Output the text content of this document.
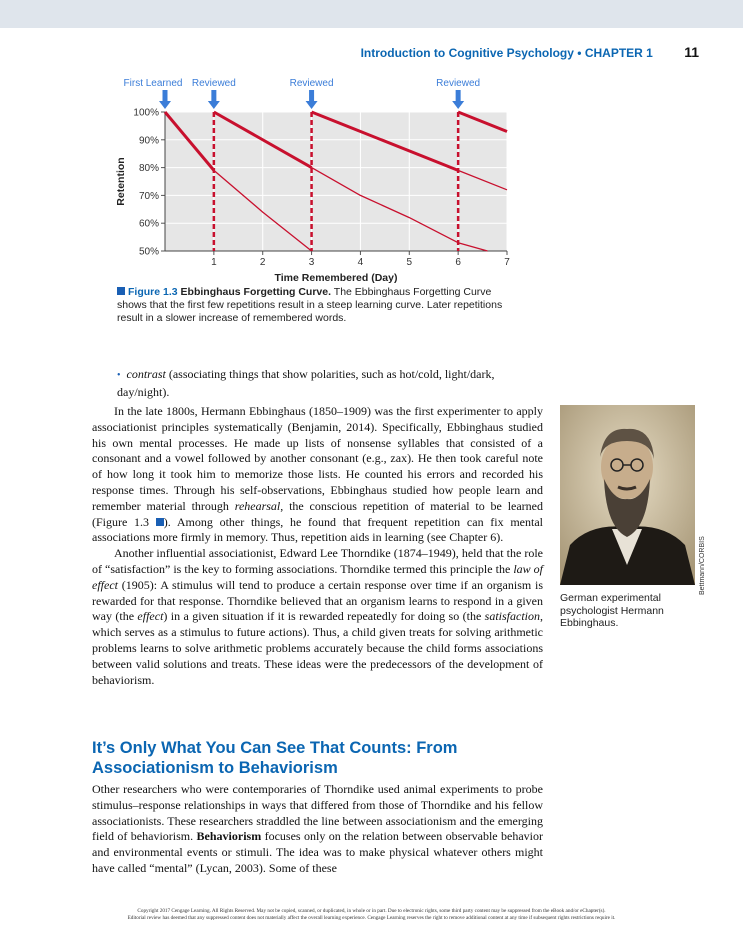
Introduction to Cognitive Psychology • CHAPTER 1 11
100%
90%
80%
70%
60%
50%
1	2	3	4	5	6	7
First Learned Reviewed	Reviewed	Reviewed
Retention
Time Remembered (Day)
Figure 1.3 Ebbinghaus Forgetting Curve. The Ebbinghaus Forgetting Curve shows that the first few repetitions result in a steep learning curve. Later repetitions result in a slower increase of remembered words.
• contrast (associating things that show polarities, such as hot/cold, light/dark, day/night).

In the late 1800s, Hermann Ebbinghaus (1850–1909) was the first experimenter to apply associationist principles systematically (Benjamin, 2014). Specifically, Ebbinghaus studied his own mental processes. He made up lists of nonsense syllables that consisted of a consonant and a vowel followed by another consonant (e.g., zax). He then took careful note of how long it took him to memorize those lists. He counted his errors and recorded his response times. Through his self-observations, Ebbinghaus studied how people learn and remember material through rehearsal, the conscious repetition of material to be learned (Figure 1.3 ). Among other things, he found that frequent repetition can fix mental associations more firmly in memory. Thus, repetition aids in learning (see Chapter 6).

Another influential associationist, Edward Lee Thorndike (1874–1949), held that the role of “satisfaction” is the key to forming associations. Thorndike termed this principle the law of effect (1905): A stimulus will tend to produce a certain response over time if an organism is rewarded for that response. Thorndike believed that an organism learns to respond in a given way (the effect) in a given situation if it is rewarded repeatedly for doing so (the satisfaction, which serves as a stimulus to future actions). Thus, a child given treats for solving arithmetic problems learns to solve arithmetic problems accurately because the child forms associations between valid solutions and treats. These ideas were the predecessors of the development of behaviorism.

Bettmann/CORBIS
German experimental psychologist Hermann Ebbinghaus.
It’s Only What You Can See That Counts: From Associationism to Behaviorism

Other researchers who were contemporaries of Thorndike used animal experiments to probe stimulus–response relationships in ways that differed from those of Thorndike and his fellow associationists. These researchers straddled the line between associationism and the emerging field of behaviorism. Behaviorism focuses only on the relation between observable behavior and environmental events or stimuli. The idea was to make physical whatever others might have called “mental” (Lycan, 2003). Some of these

Copyright 2017 Cengage Learning. All Rights Reserved. May not be copied, scanned, or duplicated, in whole or in part. Due to electronic rights, some third party content may be suppressed from the eBook and/or eChapter(s).
Editorial review has deemed that any suppressed content does not materially affect the overall learning experience. Cengage Learning reserves the right to remove additional content at any time if subsequent rights restrictions require it.
